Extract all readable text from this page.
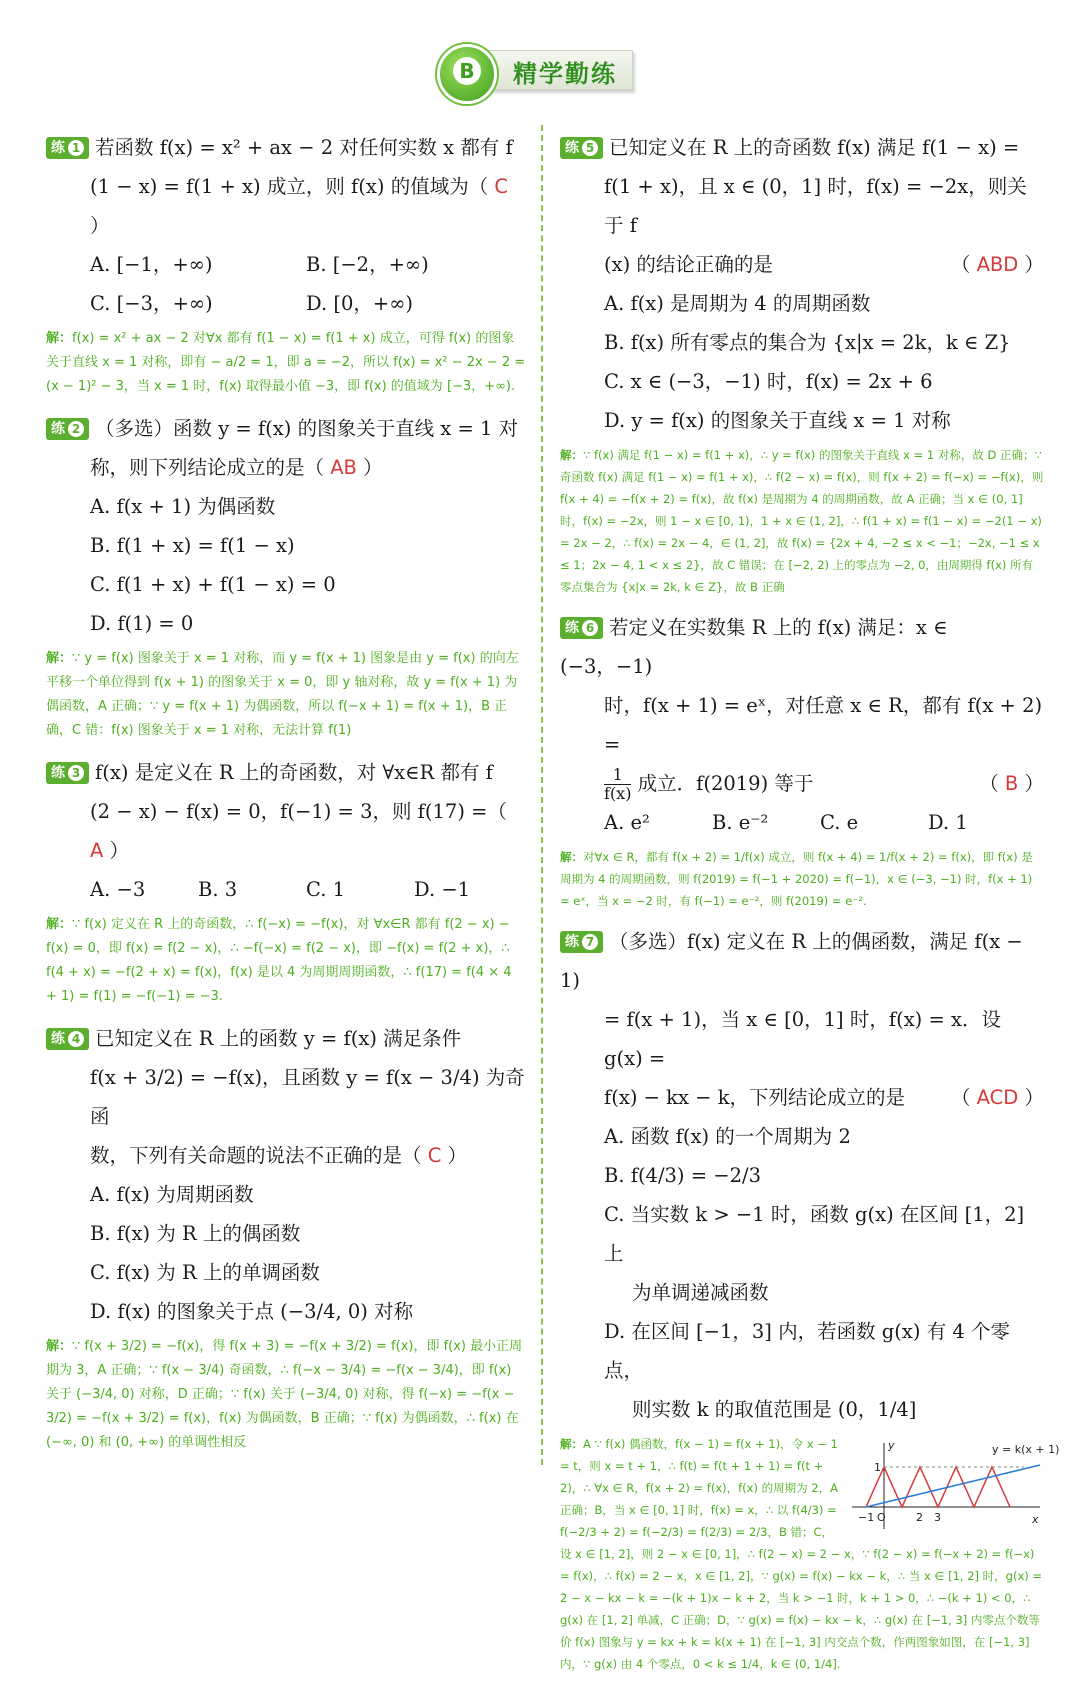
B 精学勤练
练 1 若函数 f(x) = x² + ax − 2 对任何实数 x 都有 f
(1 − x) = f(1 + x) 成立，则 f(x) 的值域为（ C ）
A. [−1，+∞)	B. [−2，+∞)
C. [−3，+∞)	D. [0，+∞)
解：f(x) = x² + ax − 2 对∀x 都有 f(1 − x) = f(1 + x) 成立，可得 f(x) 的图象关于直线 x = 1 对称，即有 − a/2 = 1，即 a = −2，所以 f(x) = x² − 2x − 2 = (x − 1)² − 3，当 x = 1 时，f(x) 取得最小值 −3，即 f(x) 的值域为 [−3，+∞).
练 2 （多选）函数 y = f(x) 的图象关于直线 x = 1 对
称，则下列结论成立的是（ AB ）
A. f(x + 1) 为偶函数
B. f(1 + x) = f(1 − x)
C. f(1 + x) + f(1 − x) = 0
D. f(1) = 0
解：∵ y = f(x) 图象关于 x = 1 对称，而 y = f(x + 1) 图象是由 y = f(x) 的向左平移一个单位得到 f(x + 1) 的图象关于 x = 0，即 y 轴对称，故 y = f(x + 1) 为偶函数，A 正确；∵ y = f(x + 1) 为偶函数，所以 f(−x + 1) = f(x + 1)，B 正确，C 错：f(x) 图象关于 x = 1 对称，无法计算 f(1)
练 3 f(x) 是定义在 R 上的奇函数，对 ∀x∈R 都有 f
(2 − x) − f(x) = 0，f(−1) = 3，则 f(17) =（ A ）
A. −3	B. 3	C. 1	D. −1
解：∵ f(x) 定义在 R 上的奇函数，∴ f(−x) = −f(x)，对 ∀x∈R 都有 f(2 − x) − f(x) = 0，即 f(x) = f(2 − x)，∴ −f(−x) = f(2 − x)，即 −f(x) = f(2 + x)，∴ f(4 + x) = −f(2 + x) = f(x)，f(x) 是以 4 为周期周期函数，∴ f(17) = f(4 × 4 + 1) = f(1) = −f(−1) = −3.
练 4 已知定义在 R 上的函数 y = f(x) 满足条件
f(x + 3/2) = −f(x)，且函数 y = f(x − 3/4) 为奇函
数，下列有关命题的说法不正确的是（ C ）
A. f(x) 为周期函数
B. f(x) 为 R 上的偶函数
C. f(x) 为 R 上的单调函数
D. f(x) 的图象关于点 (−3/4, 0) 对称
解：∵ f(x + 3/2) = −f(x)，得 f(x + 3) = −f(x + 3/2) = f(x)，即 f(x) 最小正周期为 3，A 正确；∵ f(x − 3/4) 奇函数，∴ f(−x − 3/4) = −f(x − 3/4)，即 f(x) 关于 (−3/4, 0) 对称，D 正确；∵ f(x) 关于 (−3/4, 0) 对称，得 f(−x) = −f(x − 3/2) = −f(x + 3/2) = f(x)，f(x) 为偶函数，B 正确；∵ f(x) 为偶函数，∴ f(x) 在 (−∞, 0) 和 (0, +∞) 的单调性相反
练 5 已知定义在 R 上的奇函数 f(x) 满足 f(1 − x) =
f(1 + x)，且 x ∈ (0，1] 时，f(x) = −2x，则关于 f
(x) 的结论正确的是	（ ABD ）
A. f(x) 是周期为 4 的周期函数
B. f(x) 所有零点的集合为 {x|x = 2k，k ∈ Z}
C. x ∈ (−3，−1) 时，f(x) = 2x + 6
D. y = f(x) 的图象关于直线 x = 1 对称
解：∵ f(x) 满足 f(1 − x) = f(1 + x)，∴ y = f(x) 的图象关于直线 x = 1 对称，故 D 正确；∵ 奇函数 f(x) 满足 f(1 − x) = f(1 + x)，∴ f(2 − x) = f(x)，则 f(x + 2) = f(−x) = −f(x)，则 f(x + 4) = −f(x + 2) = f(x)，故 f(x) 是周期为 4 的周期函数，故 A 正确；当 x ∈ (0, 1] 时，f(x) = −2x，则 1 − x ∈ [0, 1)，1 + x ∈ (1, 2]，∴ f(1 + x) = f(1 − x) = −2(1 − x) = 2x − 2，∴ f(x) = 2x − 4，∈ (1, 2]，故 f(x) = {2x + 4, −2 ≤ x < −1；−2x, −1 ≤ x ≤ 1；2x − 4, 1 < x ≤ 2}，故 C 错误；在 [−2, 2) 上的零点为 −2, 0，由周期得 f(x) 所有零点集合为 {x|x = 2k, k ∈ Z}，故 B 正确
练 6 若定义在实数集 R 上的 f(x) 满足：x ∈ (−3，−1)
时，f(x + 1) = eˣ，对任意 x ∈ R，都有 f(x + 2) =
$\frac{1}{f(x)}$ 成立．f(2019) 等于	（ B ）
A. e²	B. e⁻²	C. e	D. 1
解：对∀x ∈ R，都有 f(x + 2) = 1/f(x) 成立，则 f(x + 4) = 1/f(x + 2) = f(x)，即 f(x) 是周期为 4 的周期函数，则 f(2019) = f(−1 + 2020) = f(−1)，x ∈ (−3, −1) 时，f(x + 1) = eˣ，当 x = −2 时，有 f(−1) = e⁻²，则 f(2019) = e⁻².
练 7 （多选）f(x) 定义在 R 上的偶函数，满足 f(x − 1)
= f(x + 1)，当 x ∈ [0，1] 时，f(x) = x．设 g(x) =
f(x) − kx − k，下列结论成立的是 （ ACD ）
A. 函数 f(x) 的一个周期为 2
B. f(4/3) = −2/3
C. 当实数 k > −1 时，函数 g(x) 在区间 [1，2] 上
为单调递减函数
D. 在区间 [−1，3] 内，若函数 g(x) 有 4 个零点，
则实数 k 的取值范围是 (0，1/4]
y = k(x + 1)
y
x
−1 O	2 3
1
解：A ∵ f(x) 偶函数，f(x − 1) = f(x + 1)，令 x − 1 = t，则 x = t + 1，∴ f(t) = f(t + 1 + 1) = f(t + 2)，∴ ∀x ∈ R，f(x + 2) = f(x)，f(x) 的周期为 2，A 正确；B，当 x ∈ [0, 1] 时，f(x) = x，∴ 以 f(4/3) = f(−2/3 + 2) = f(−2/3) = f(2/3) = 2/3，B 错；C，设 x ∈ [1, 2]，则 2 − x ∈ [0, 1]，∴ f(2 − x) = 2 − x，∵ f(2 − x) = f(−x + 2) = f(−x) = f(x)，∴ f(x) = 2 − x，x ∈ [1, 2]，∵ g(x) = f(x) − kx − k，∴ 当 x ∈ [1, 2] 时，g(x) = 2 − x − kx − k = −(k + 1)x − k + 2，当 k > −1 时，k + 1 > 0，∴ −(k + 1) < 0，∴ g(x) 在 [1, 2] 单减，C 正确；D，∵ g(x) = f(x) − kx − k，∴ g(x) 在 [−1, 3] 内零点个数等价 f(x) 图象与 y = kx + k = k(x + 1) 在 [−1, 3] 内交点个数，作两图象如图，在 [−1, 3] 内，∵ g(x) 由 4 个零点，0 < k ≤ 1/4，k ∈ (0, 1/4].
